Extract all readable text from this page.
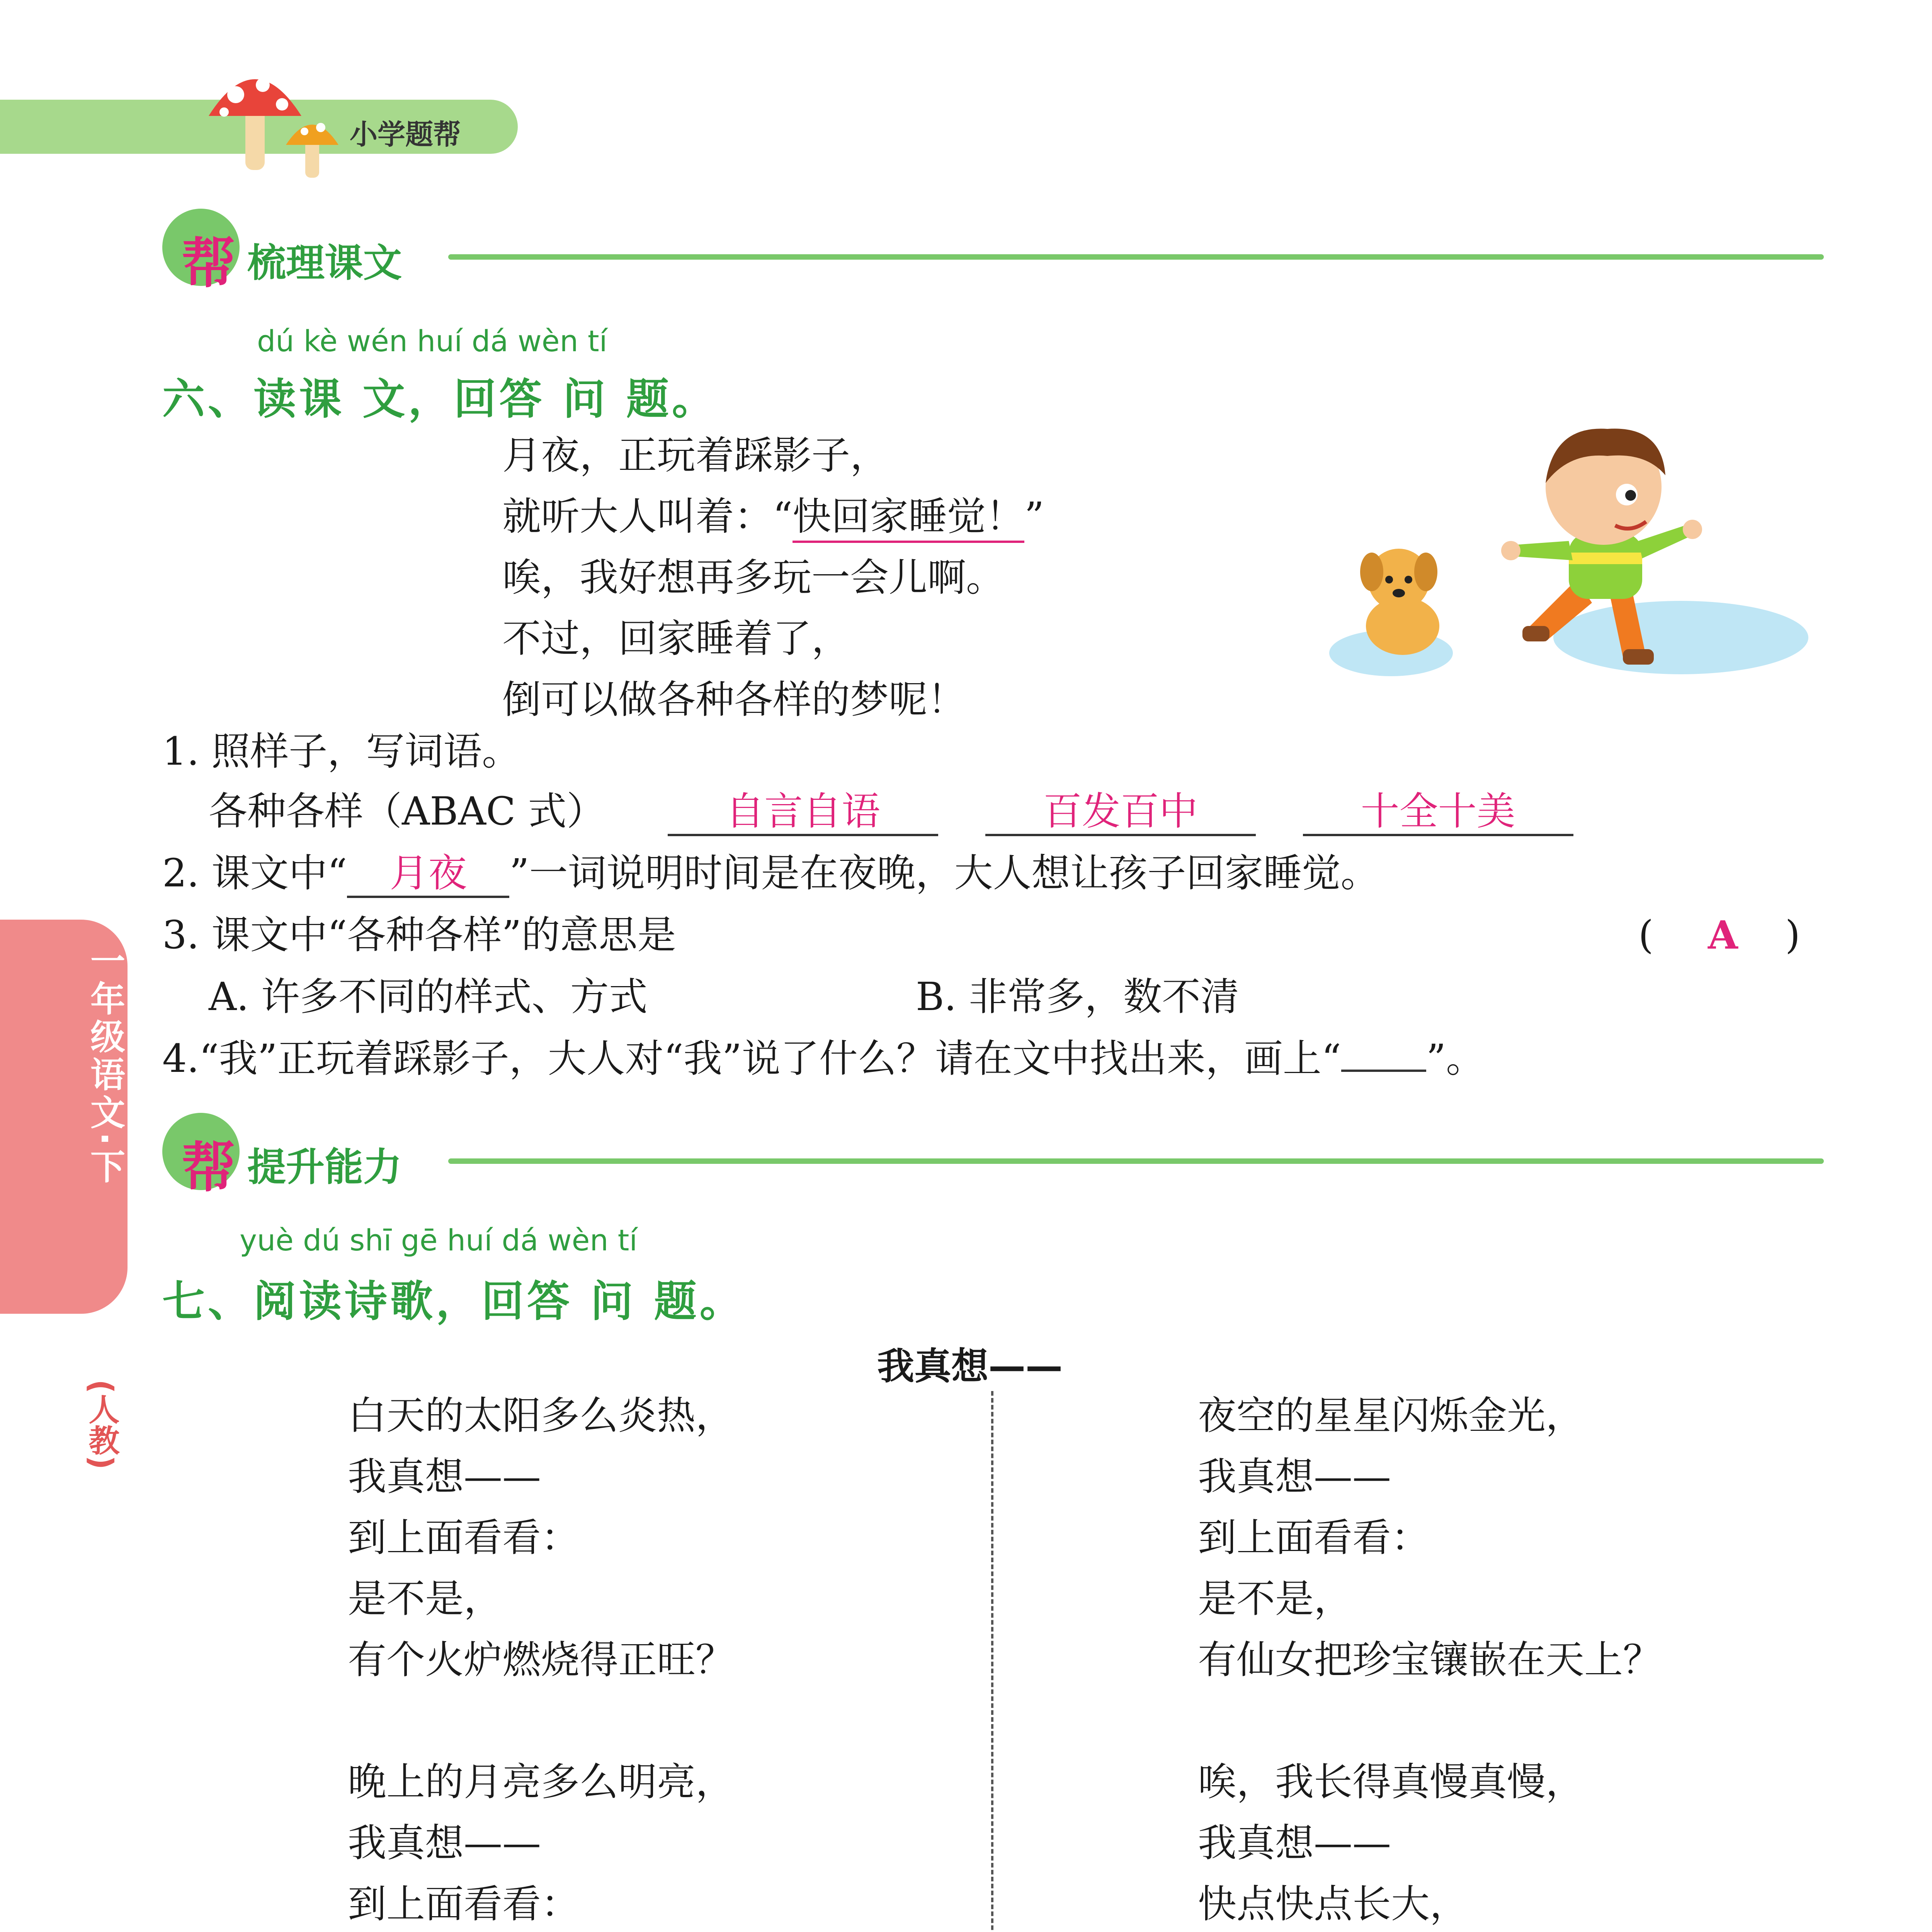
小学题帮
帮 梳理课文
dú kè wén huí dá wèn tí
六、读课 文，回答 问 题。
月夜，正玩着踩影子，
就听大人叫着：“快回家睡觉！”
唉，我好想再多玩一会儿啊。
不过，回家睡着了，
倒可以做各种各样的梦呢！
1. 照样子，写词语。
各种各样（ABAC 式）	自言自语	百发百中	十全十美
2. 课文中“ 月夜 ”一词说明时间是在夜晚，大人想让孩子回家睡觉。
3. 课文中“各种各样”的意思是	( A )
A. 许多不同的样式、方式	B. 非常多，数不清
4.“我”正玩着踩影子，大人对“我”说了什么？请在文中找出来，画上“ ”。
帮 提升能力
一年级语文·下
(人教)
yuè dú shī gē huí dá wèn tí
七、阅读诗歌，回答 问 题。
我真想——
白天的太阳多么炎热，
我真想——
到上面看看：
是不是，
有个火炉燃烧得正旺？
晚上的月亮多么明亮，
我真想——
到上面看看：
夜空的星星闪烁金光，
我真想——
到上面看看：
是不是，
有仙女把珍宝镶嵌在天上？
唉，我长得真慢真慢，
我真想——
快点快点长大，
